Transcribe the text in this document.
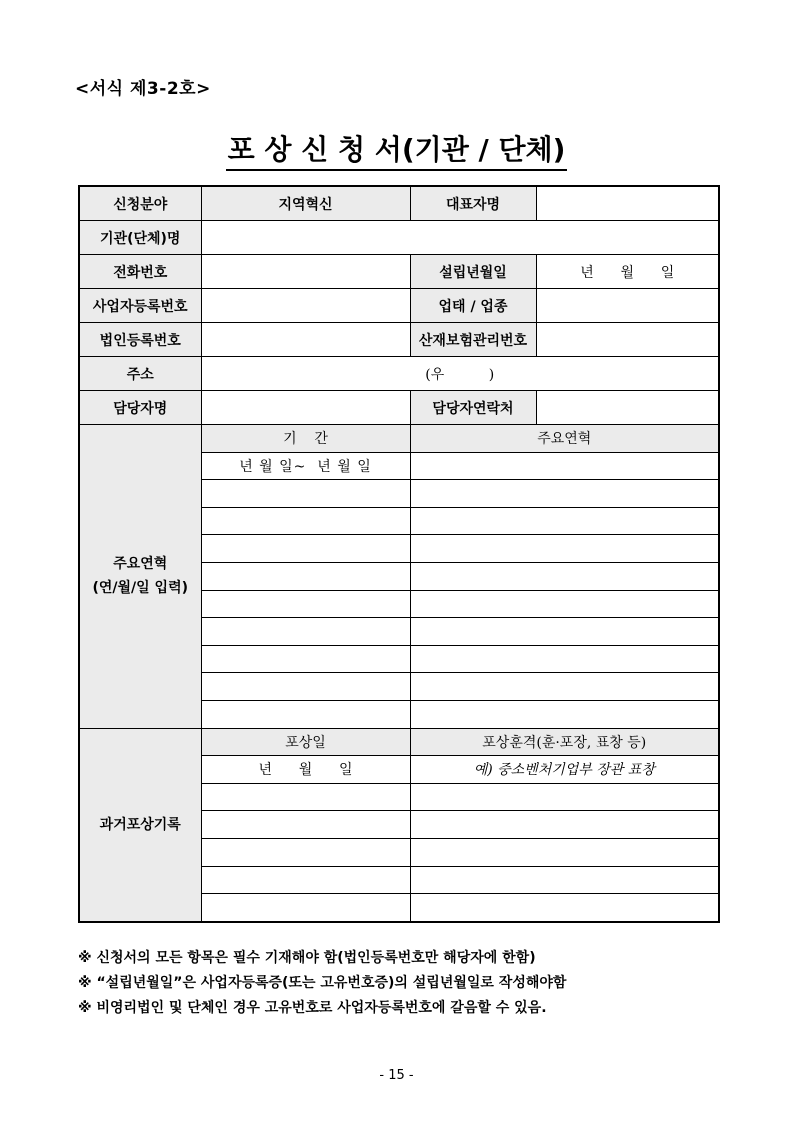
<서식 제3-2호>
포 상 신 청 서(기관 / 단체)
신청분야	지역혁신	대표자명	
기관(단체)명			
전화번호		설립년월일	년      월      일
사업자등록번호		업태 / 업종	
법인등록번호		산재보험관리번호	
주소	(우          )		
담당자명		담당자연락처	

주요연혁
(연/월/일 입력)	기    간	주요연혁	
	년 월 일~  년 월 일		

과거포상기록	포상일	포상훈격(훈·포장, 표창 등)	
	년      월      일	예) 중소벤처기업부 장관 표창	

※ 신청서의 모든 항목은 필수 기재해야 함(법인등록번호만 해당자에 한함)
※ “설립년월일”은 사업자등록증(또는 고유번호증)의 설립년월일로 작성해야함
※ 비영리법인 및 단체인 경우 고유번호로 사업자등록번호에 갈음할 수 있음.
- 15 -
